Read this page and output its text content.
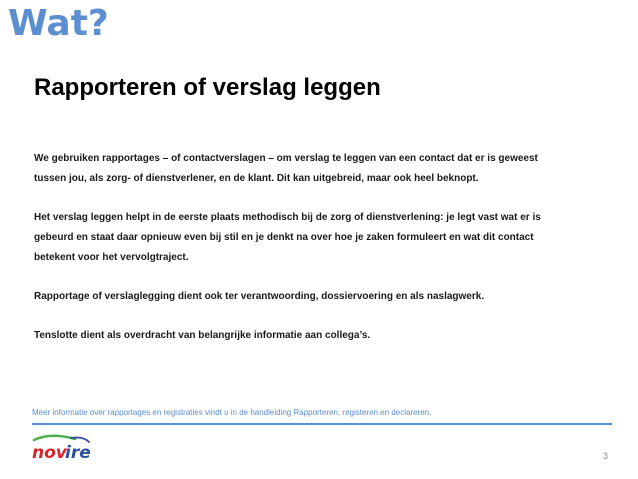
Wat?
Rapporteren of verslag leggen

We gebruiken rapportages – of contactverslagen – om verslag te leggen van een contact dat er is geweest
tussen jou, als zorg- of dienstverlener, en de klant. Dit kan uitgebreid, maar ook heel beknopt.

Het verslag leggen helpt in de eerste plaats methodisch bij de zorg of dienstverlening: je legt vast wat er is
gebeurd en staat daar opnieuw even bij stil en je denkt na over hoe je zaken formuleert en wat dit contact
betekent voor het vervolgtraject.

Rapportage of verslaglegging dient ook ter verantwoording, dossiervoering en als naslagwerk.

Tenslotte dient als overdracht van belangrijke informatie aan collega’s.

Meer informatie over rapportages en registraties vindt u in de handleiding Rapporteren, registeren en declareren.
nov
ire	3
